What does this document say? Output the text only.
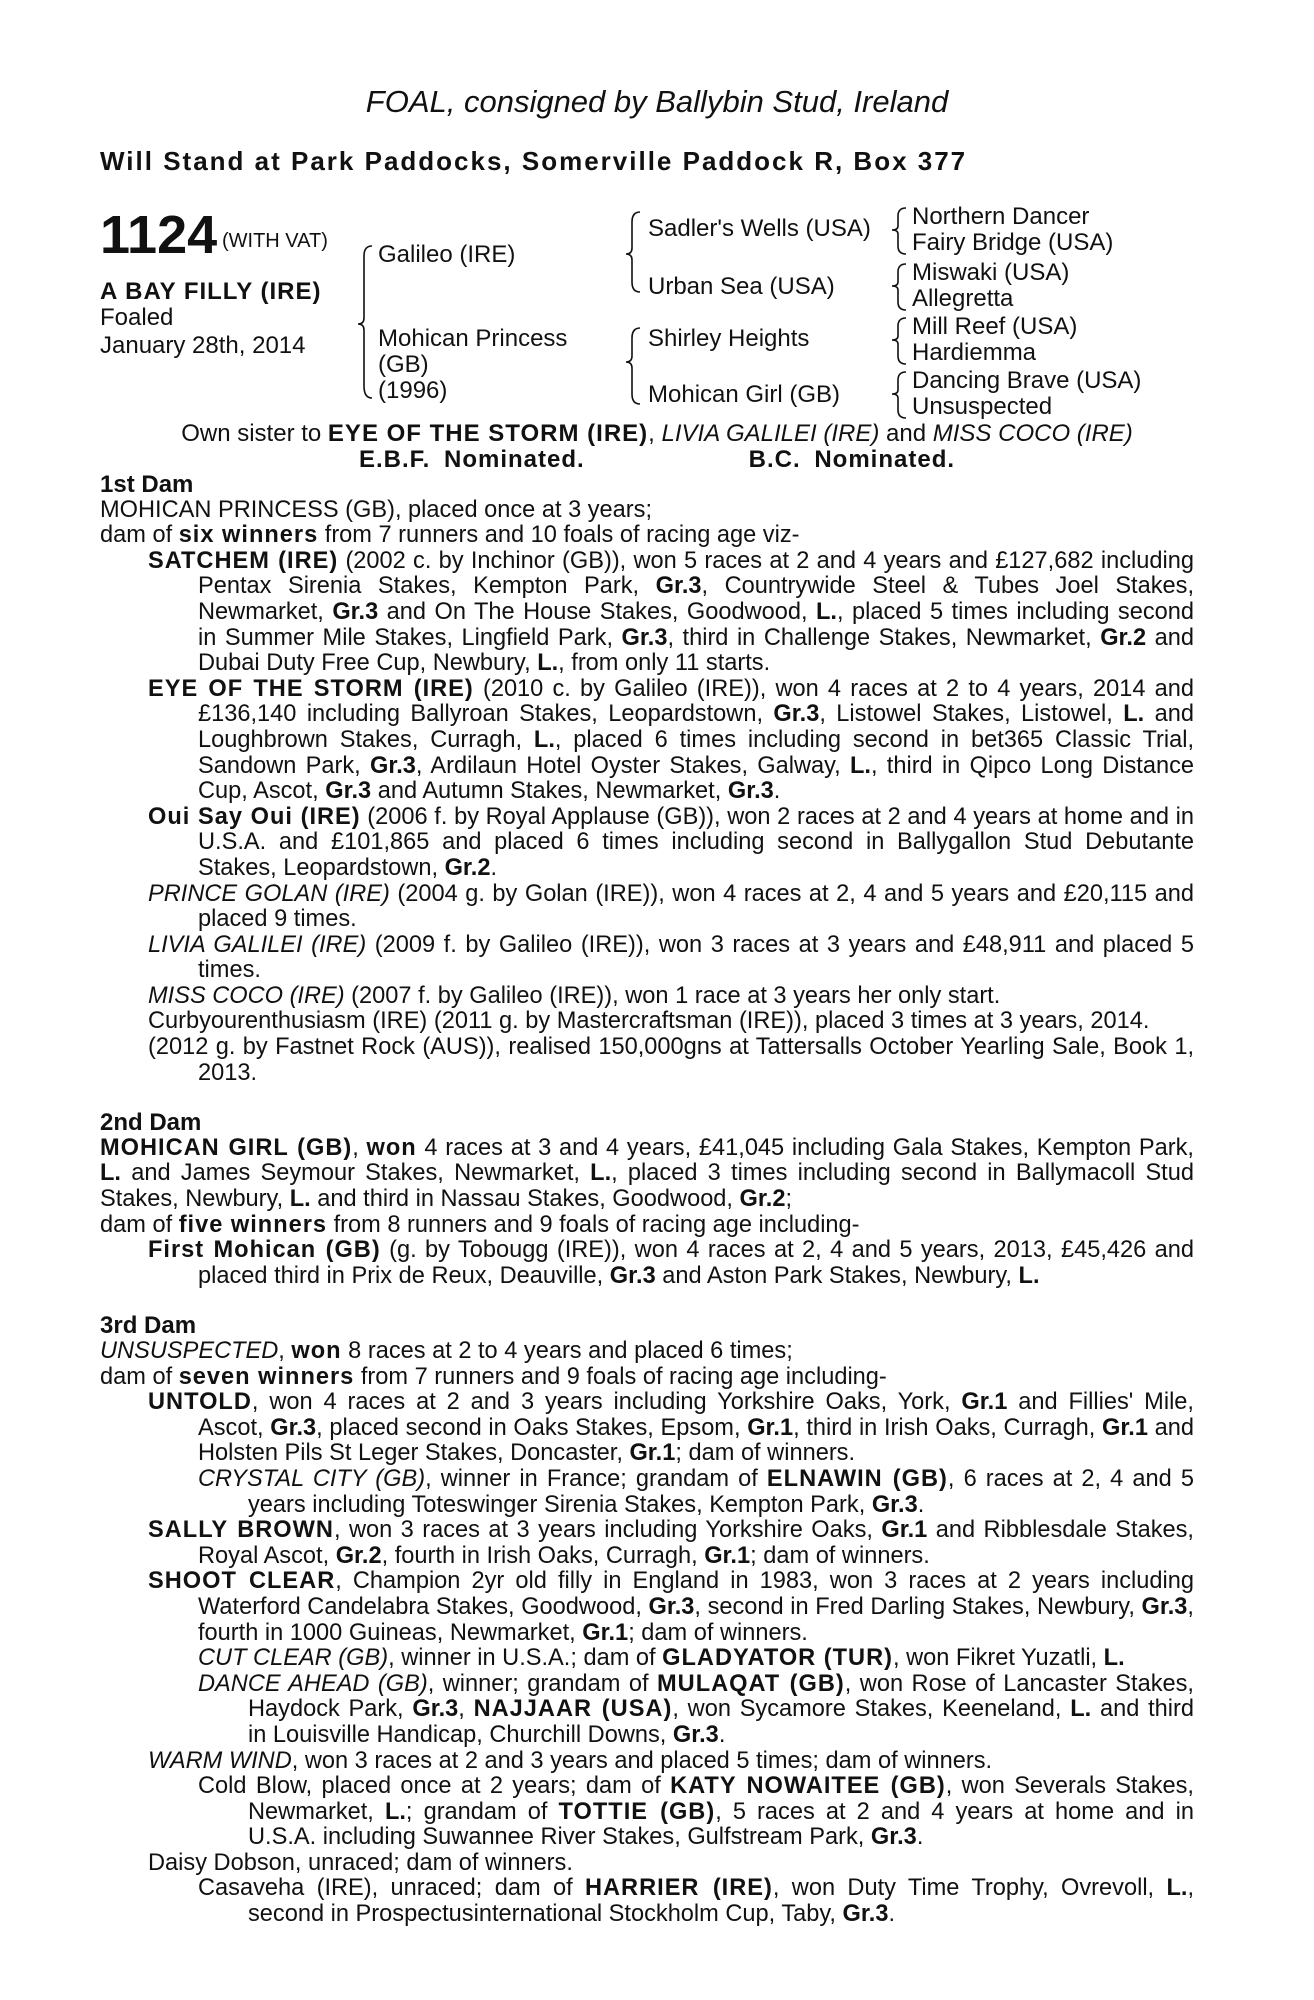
FOAL, consigned by Ballybin Stud, Ireland
Will Stand at Park Paddocks, Somerville Paddock R, Box 377
1124 (WITH VAT)
A BAY FILLY (IRE)
Foaled
January 28th, 2014
Galileo (IRE)
Mohican Princess
(GB)
(1996)
Sadler's Wells (USA)
Urban Sea (USA)
Shirley Heights
Mohican Girl (GB)
Northern Dancer
Fairy Bridge (USA)
Miswaki (USA)
Allegretta
Mill Reef (USA)
Hardiemma
Dancing Brave (USA)
Unsuspected
Own sister to EYE OF THE STORM (IRE), LIVIA GALILEI (IRE) and MISS COCO (IRE)
E.B.F. Nominated.	B.C. Nominated.

1st Dam

MOHICAN PRINCESS (GB), placed once at 3 years;

dam of six winners from 7 runners and 10 foals of racing age viz-

SATCHEM (IRE) (2002 c. by Inchinor (GB)), won 5 races at 2 and 4 years and £127,682 including Pentax Sirenia Stakes, Kempton Park, Gr.3, Countrywide Steel & Tubes Joel Stakes, Newmarket, Gr.3 and On The House Stakes, Goodwood, L., placed 5 times including second in Summer Mile Stakes, Lingfield Park, Gr.3, third in Challenge Stakes, Newmarket, Gr.2 and Dubai Duty Free Cup, Newbury, L., from only 11 starts.

EYE OF THE STORM (IRE) (2010 c. by Galileo (IRE)), won 4 races at 2 to 4 years, 2014 and £136,140 including Ballyroan Stakes, Leopardstown, Gr.3, Listowel Stakes, Listowel, L. and Loughbrown Stakes, Curragh, L., placed 6 times including second in bet365 Classic Trial, Sandown Park, Gr.3, Ardilaun Hotel Oyster Stakes, Galway, L., third in Qipco Long Distance Cup, Ascot, Gr.3 and Autumn Stakes, Newmarket, Gr.3.

Oui Say Oui (IRE) (2006 f. by Royal Applause (GB)), won 2 races at 2 and 4 years at home and in U.S.A. and £101,865 and placed 6 times including second in Ballygallon Stud Debutante Stakes, Leopardstown, Gr.2.

PRINCE GOLAN (IRE) (2004 g. by Golan (IRE)), won 4 races at 2, 4 and 5 years and £20,115 and placed 9 times.

LIVIA GALILEI (IRE) (2009 f. by Galileo (IRE)), won 3 races at 3 years and £48,911 and placed 5 times.

MISS COCO (IRE) (2007 f. by Galileo (IRE)), won 1 race at 3 years her only start.

Curbyourenthusiasm (IRE) (2011 g. by Mastercraftsman (IRE)), placed 3 times at 3 years, 2014.

(2012 g. by Fastnet Rock (AUS)), realised 150,000gns at Tattersalls October Yearling Sale, Book 1, 2013.

2nd Dam

MOHICAN GIRL (GB), won 4 races at 3 and 4 years, £41,045 including Gala Stakes, Kempton Park, L. and James Seymour Stakes, Newmarket, L., placed 3 times including second in Ballymacoll Stud Stakes, Newbury, L. and third in Nassau Stakes, Goodwood, Gr.2;

dam of five winners from 8 runners and 9 foals of racing age including-

First Mohican (GB) (g. by Tobougg (IRE)), won 4 races at 2, 4 and 5 years, 2013, £45,426 and placed third in Prix de Reux, Deauville, Gr.3 and Aston Park Stakes, Newbury, L.

3rd Dam

UNSUSPECTED, won 8 races at 2 to 4 years and placed 6 times;

dam of seven winners from 7 runners and 9 foals of racing age including-

UNTOLD, won 4 races at 2 and 3 years including Yorkshire Oaks, York, Gr.1 and Fillies' Mile, Ascot, Gr.3, placed second in Oaks Stakes, Epsom, Gr.1, third in Irish Oaks, Curragh, Gr.1 and Holsten Pils St Leger Stakes, Doncaster, Gr.1; dam of winners.

CRYSTAL CITY (GB), winner in France; grandam of ELNAWIN (GB), 6 races at 2, 4 and 5 years including Toteswinger Sirenia Stakes, Kempton Park, Gr.3.

SALLY BROWN, won 3 races at 3 years including Yorkshire Oaks, Gr.1 and Ribblesdale Stakes, Royal Ascot, Gr.2, fourth in Irish Oaks, Curragh, Gr.1; dam of winners.

SHOOT CLEAR, Champion 2yr old filly in England in 1983, won 3 races at 2 years including Waterford Candelabra Stakes, Goodwood, Gr.3, second in Fred Darling Stakes, Newbury, Gr.3, fourth in 1000 Guineas, Newmarket, Gr.1; dam of winners.

CUT CLEAR (GB), winner in U.S.A.; dam of GLADYATOR (TUR), won Fikret Yuzatli, L.

DANCE AHEAD (GB), winner; grandam of MULAQAT (GB), won Rose of Lancaster Stakes, Haydock Park, Gr.3, NAJJAAR (USA), won Sycamore Stakes, Keeneland, L. and third in Louisville Handicap, Churchill Downs, Gr.3.

WARM WIND, won 3 races at 2 and 3 years and placed 5 times; dam of winners.

Cold Blow, placed once at 2 years; dam of KATY NOWAITEE (GB), won Severals Stakes, Newmarket, L.; grandam of TOTTIE (GB), 5 races at 2 and 4 years at home and in U.S.A. including Suwannee River Stakes, Gulfstream Park, Gr.3.

Daisy Dobson, unraced; dam of winners.

Casaveha (IRE), unraced; dam of HARRIER (IRE), won Duty Time Trophy, Ovrevoll, L., second in Prospectusinternational Stockholm Cup, Taby, Gr.3.
